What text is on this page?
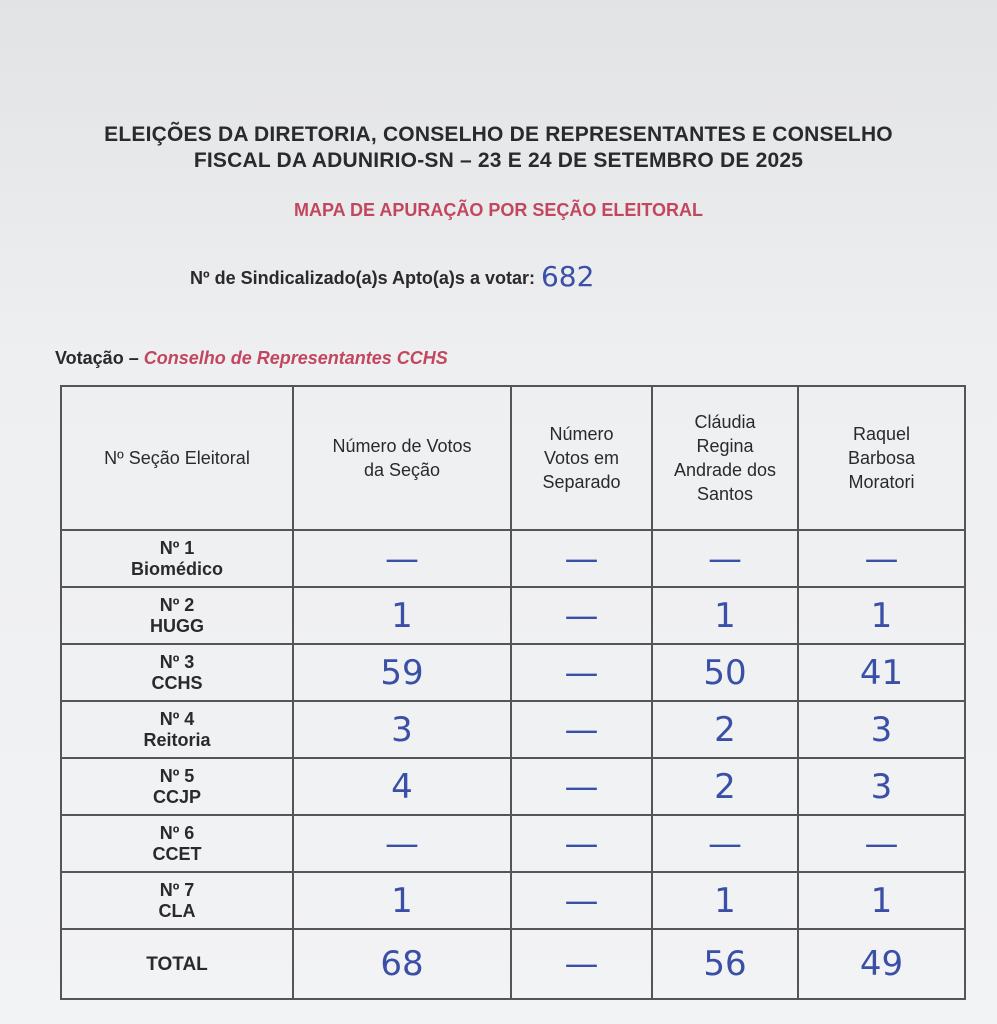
ELEIÇÕES DA DIRETORIA, CONSELHO DE REPRESENTANTES E CONSELHO
FISCAL DA ADUNIRIO-SN – 23 E 24 DE SETEMBRO DE 2025
MAPA DE APURAÇÃO POR SEÇÃO ELEITORAL
Nº de Sindicalizado(a)s Apto(a)s a votar: 682
Votação – Conselho de Representantes CCHS
Nº Seção Eleitoral	Número de Votos da Seção	Número Votos em Separado	Cláudia Regina Andrade dos Santos	Raquel Barbosa Moratori

Nº 1
Biomédico	—	—	—	—

Nº 2
HUGG	1	—	1	1

Nº 3
CCHS	59	—	50	41

Nº 4
Reitoria	3	—	2	3

Nº 5
CCJP	4	—	2	3

Nº 6
CCET	—	—	—	—

Nº 7
CLA	1	—	1	1
TOTAL	68	—	56	49
